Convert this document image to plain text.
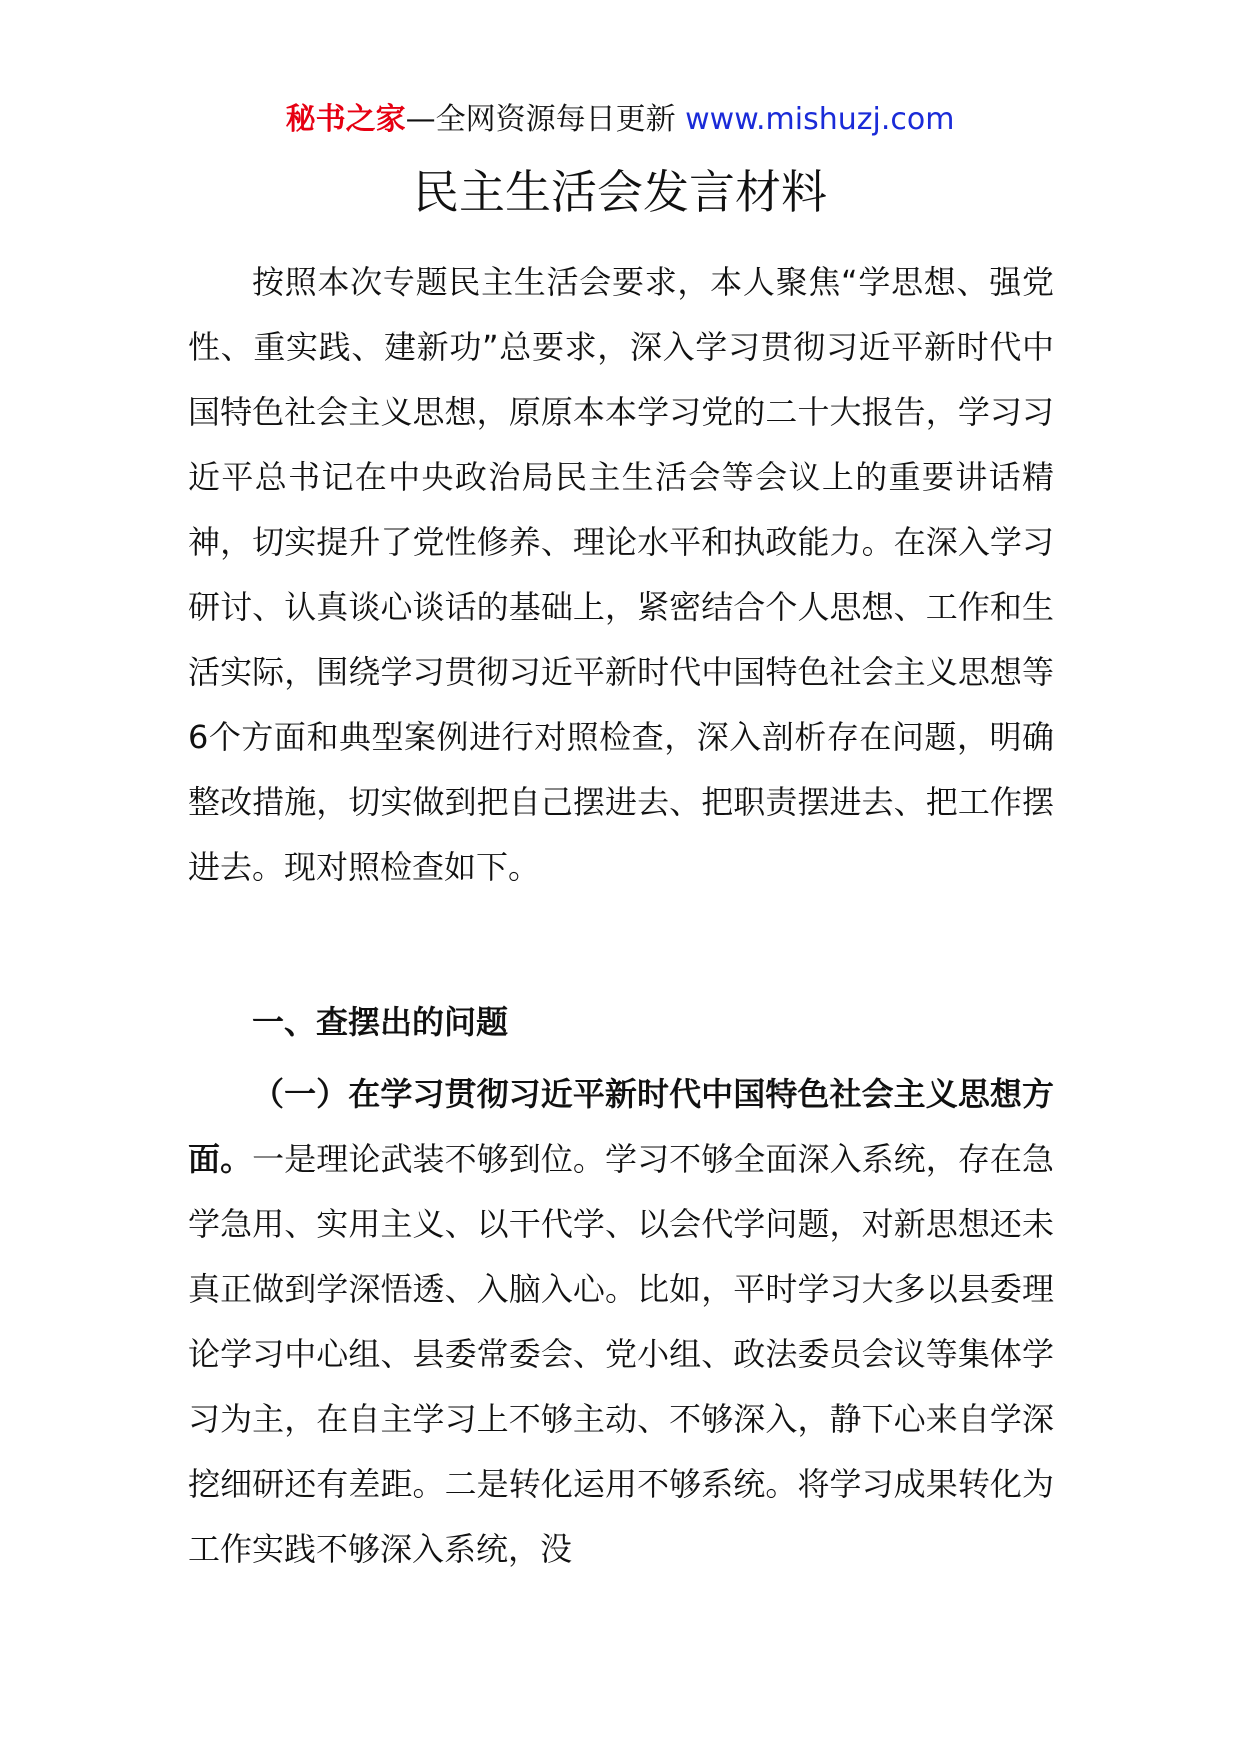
秘书之家—全网资源每日更新 www.mishuzj.com
民主生活会发言材料
按照本次专题民主生活会要求，本人聚焦“学思想、强党性、重实践、建新功”总要求，深入学习贯彻习近平新时代中国特色社会主义思想，原原本本学习党的二十大报告，学习习近平总书记在中央政治局民主生活会等会议上的重要讲话精神，切实提升了党性修养、理论水平和执政能力。在深入学习研讨、认真谈心谈话的基础上，紧密结合个人思想、工作和生活实际，围绕学习贯彻习近平新时代中国特色社会主义思想等6个方面和典型案例进行对照检查，深入剖析存在问题，明确整改措施，切实做到把自己摆进去、把职责摆进去、把工作摆进去。现对照检查如下。
一、查摆出的问题
（一）在学习贯彻习近平新时代中国特色社会主义思想方面。一是理论武装不够到位。学习不够全面深入系统，存在急学急用、实用主义、以干代学、以会代学问题，对新思想还未真正做到学深悟透、入脑入心。比如，平时学习大多以县委理论学习中心组、县委常委会、党小组、政法委员会议等集体学习为主，在自主学习上不够主动、不够深入，静下心来自学深挖细研还有差距。二是转化运用不够系统。将学习成果转化为工作实践不够深入系统，没
